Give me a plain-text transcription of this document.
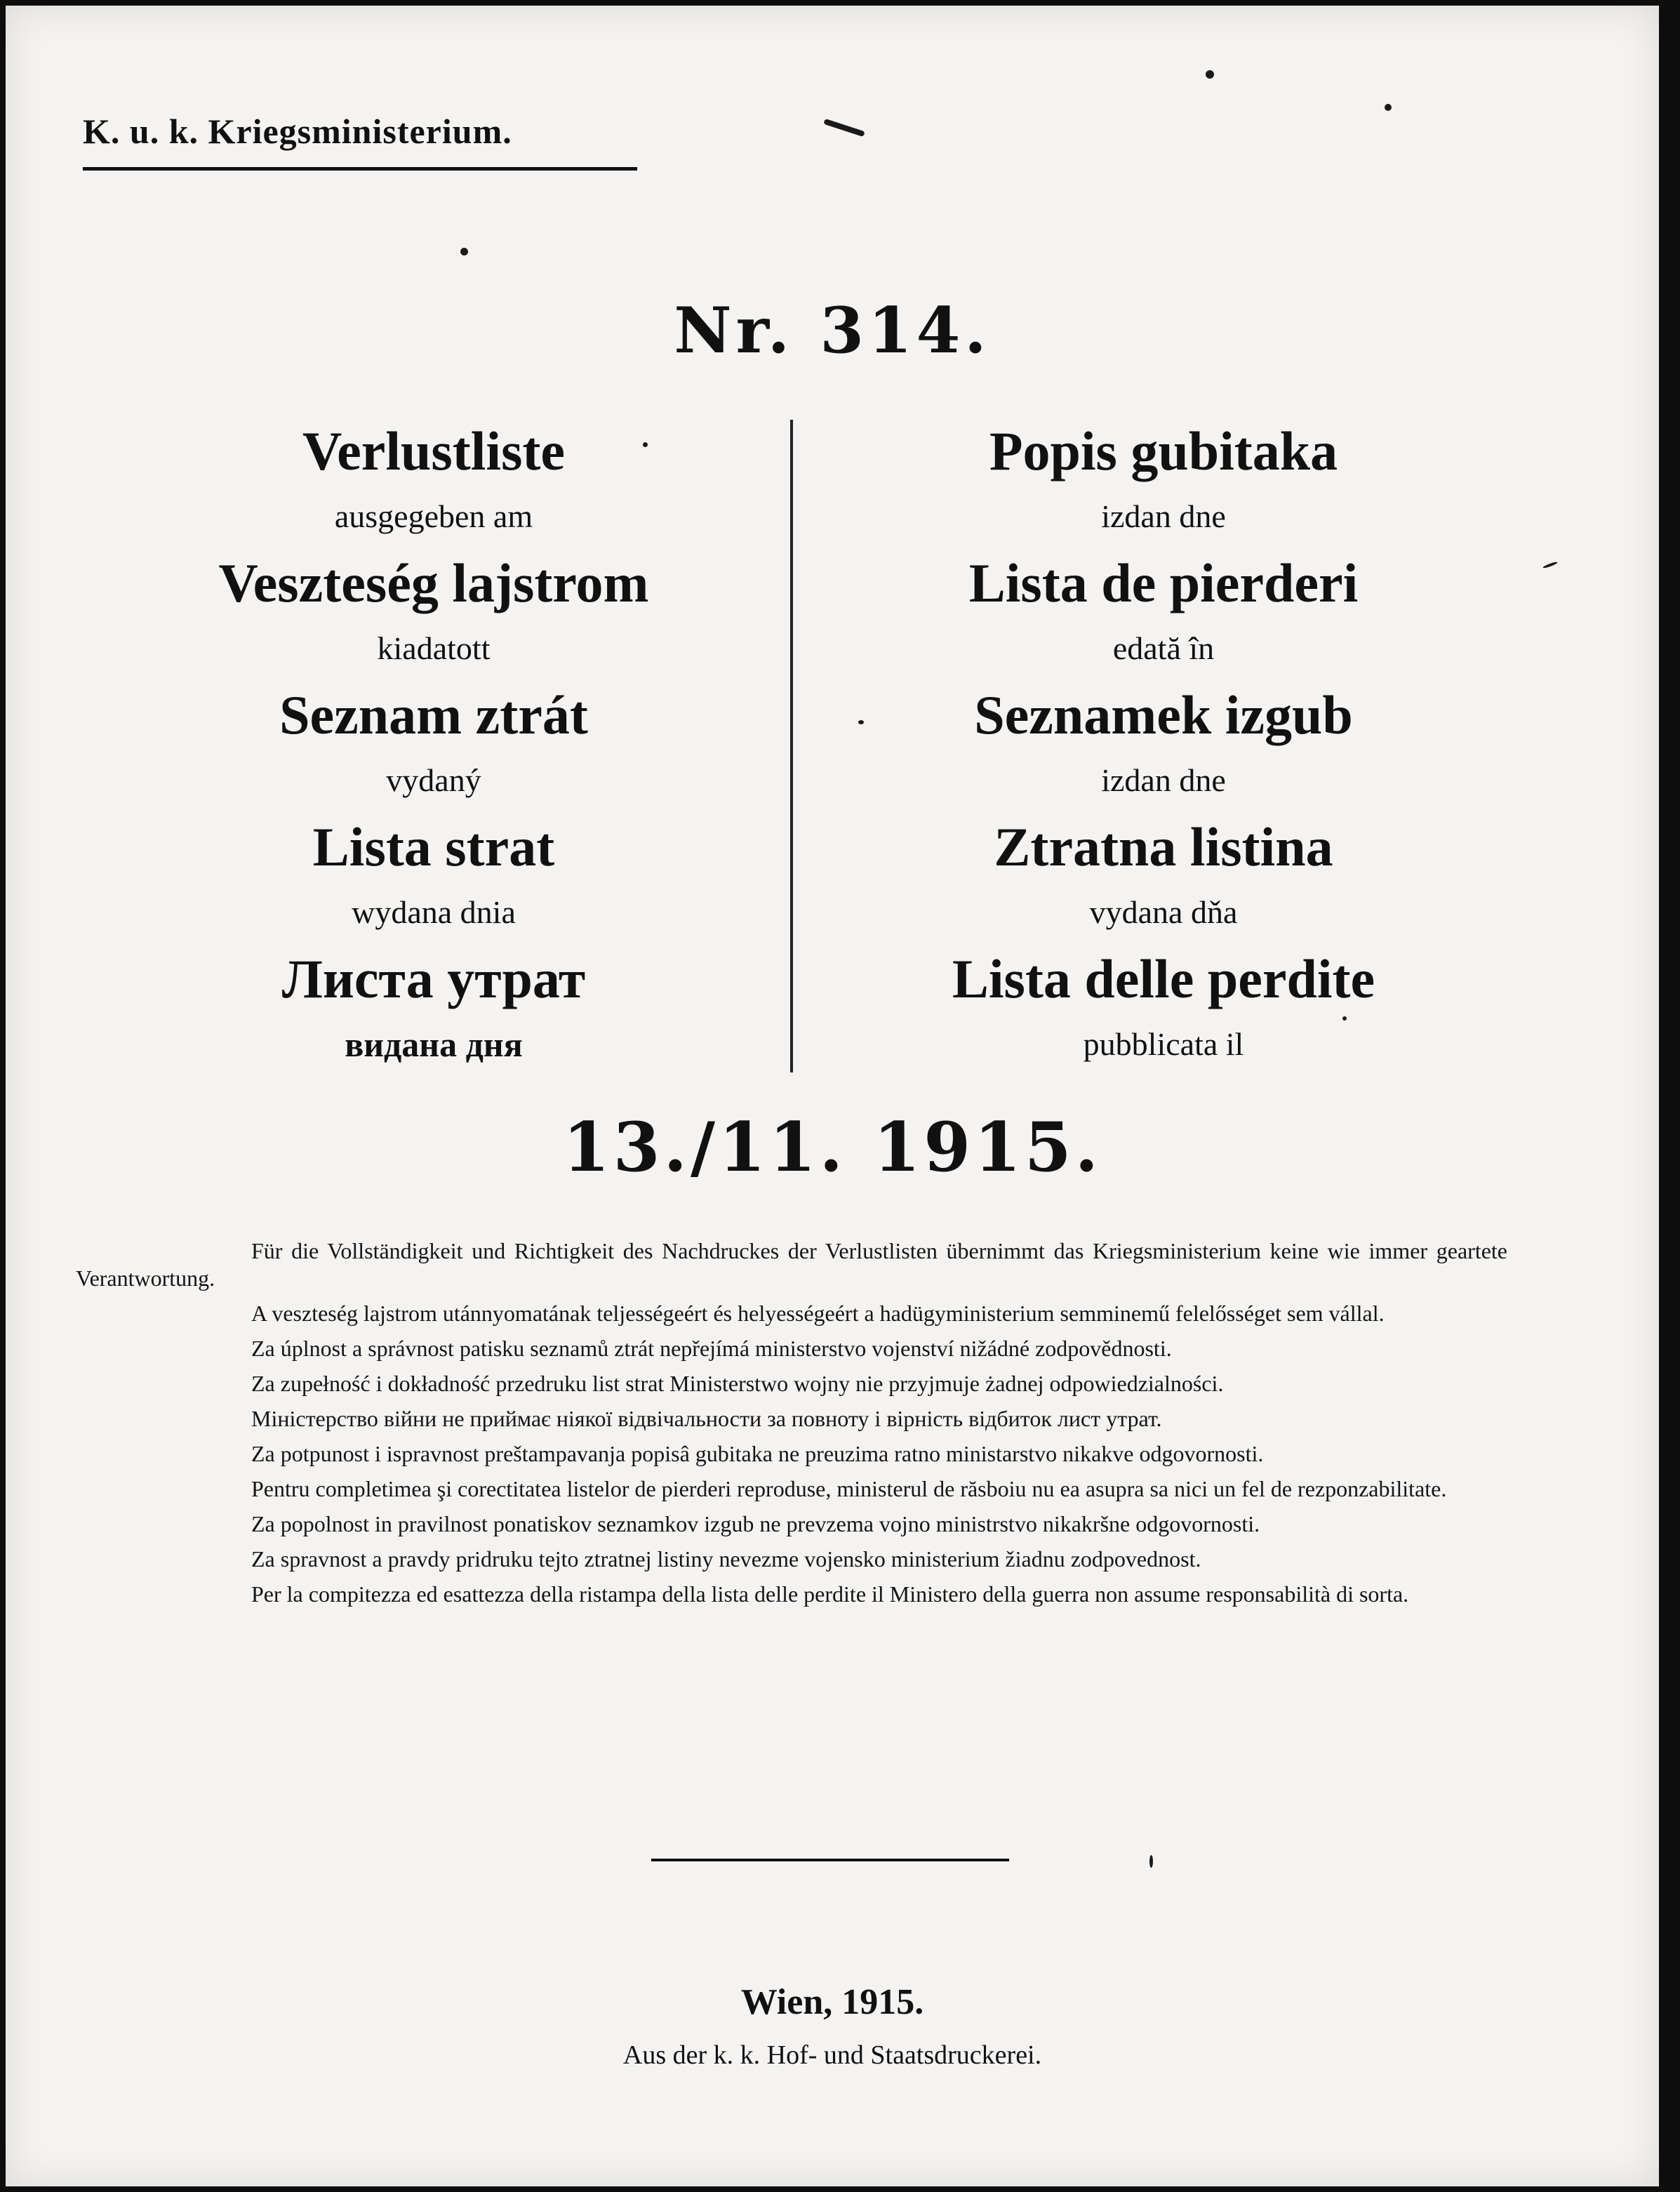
K. u. k. Kriegsministerium.
Nr. 314.
Verlustliste
ausgegeben am
Veszteség lajstrom
kiadatott
Seznam ztrát
vydaný
Lista strat
wydana dnia
Листа утрат
видана дня
Popis gubitaka
izdan dne
Lista de pierderi
edată în
Seznamek izgub
izdan dne
Ztratna listina
vydana dňa
Lista delle perdite
pubblicata il
13./11. 1915.

Für die Vollständigkeit und Richtigkeit des Nachdruckes der Verlustlisten übernimmt das Kriegsministerium keine wie immer geartete Verantwortung.

A veszteség lajstrom utánnyomatának teljességeért és helyességeért a hadügyministerium semminemű felelősséget sem vállal.

Za úplnost a správnost patisku seznamů ztrát nepřejímá ministerstvo vojenství nižádné zodpovědnosti.

Za zupełność i dokładność przedruku list strat Ministerstwo wojny nie przyjmuje żadnej odpowiedzialności.

Міністерство війни не приймає ніякої відвічальности за повноту і вірність відбиток лист утрат.

Za potpunost i ispravnost preštampavanja popisâ gubitaka ne preuzima ratno ministarstvo nikakve odgovornosti.

Pentru completimea şi corectitatea listelor de pierderi reproduse, ministerul de răsboiu nu ea asupra sa nici un fel de rezponzabilitate.

Za popolnost in pravilnost ponatiskov seznamkov izgub ne prevzema vojno ministrstvo nikakršne odgovornosti.

Za spravnost a pravdy pridruku tejto ztratnej listiny nevezme vojensko ministerium žiadnu zodpovednost.

Per la compitezza ed esattezza della ristampa della lista delle perdite il Ministero della guerra non assume responsabilità di sorta.

Wien, 1915.
Aus der k. k. Hof- und Staatsdruckerei.
